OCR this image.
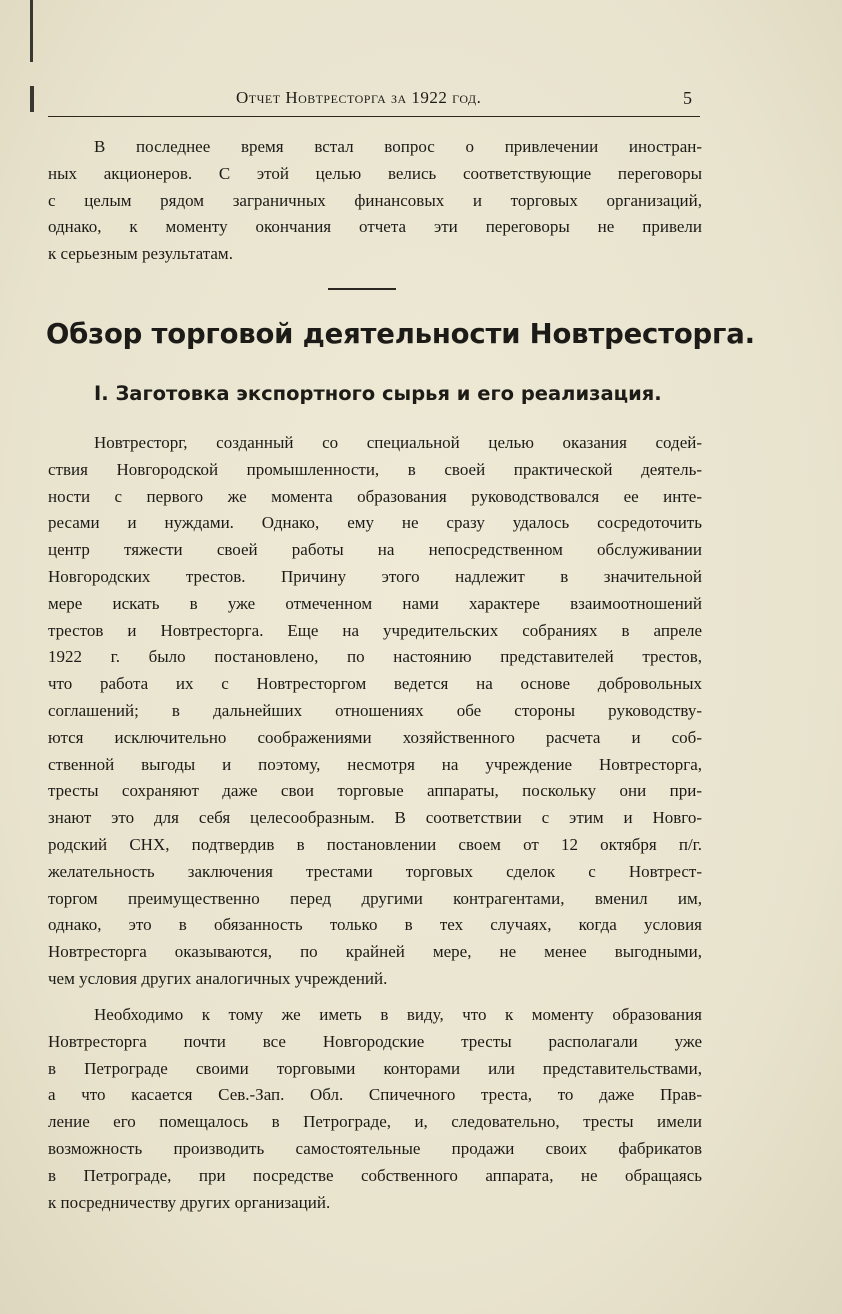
Отчет Новтресторга за 1922 год.	5
В последнее время встал вопрос о привлечении иностран-
ных акционеров. С этой целью велись соответствующие переговоры
с целым рядом заграничных финансовых и торговых организаций,
однако, к моменту окончания отчета эти переговоры не привели
к серьезным результатам.
Обзор торговой деятельности Новтресторга.
I. Заготовка экспортного сырья и его реализация.
Новтресторг, созданный со специальной целью оказания содей-
ствия Новгородской промышленности, в своей практической деятель-
ности с первого же момента образования руководствовался ее инте-
ресами и нуждами. Однако, ему не сразу удалось сосредоточить
центр тяжести своей работы на непосредственном обслуживании
Новгородских трестов. Причину этого надлежит в значительной
мере искать в уже отмеченном нами характере взаимоотношений
трестов и Новтресторга. Еще на учредительских собраниях в апреле
1922 г. было постановлено, по настоянию представителей трестов,
что работа их с Новтресторгом ведется на основе добровольных
соглашений; в дальнейших отношениях обе стороны руководству-
ются исключительно соображениями хозяйственного расчета и соб-
ственной выгоды и поэтому, несмотря на учреждение Новтресторга,
тресты сохраняют даже свои торговые аппараты, поскольку они при-
знают это для себя целесообразным. В соответствии с этим и Новго-
родский СНХ, подтвердив в постановлении своем от 12 октября п/г.
желательность заключения трестами торговых сделок с Новтрест-
торгом преимущественно перед другими контрагентами, вменил им,
однако, это в обязанность только в тех случаях, когда условия
Новтресторга оказываются, по крайней мере, не менее выгодными,
чем условия других аналогичных учреждений.
Необходимо к тому же иметь в виду, что к моменту образования
Новтресторга почти все Новгородские тресты располагали уже
в Петрограде своими торговыми конторами или представительствами,
а что касается Сев.-Зап. Обл. Спичечного треста, то даже Прав-
ление его помещалось в Петрограде, и, следовательно, тресты имели
возможность производить самостоятельные продажи своих фабрикатов
в Петрограде, при посредстве собственного аппарата, не обращаясь
к посредничеству других организаций.
